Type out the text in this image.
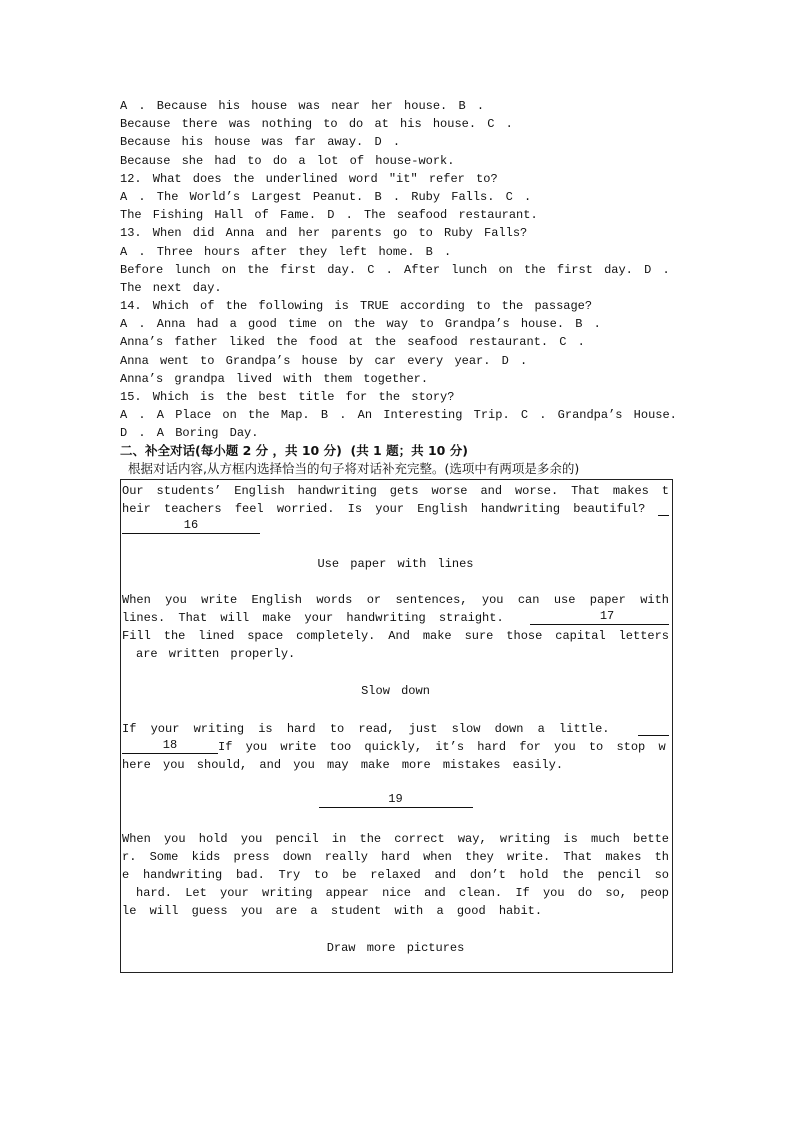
A . Because his house was near her house. B .
Because there was nothing to do at his house. C .
Because his house was far away. D .
Because she had to do a lot of house-work.
12. What does the underlined word ″it″ refer to?
A . The World’s Largest Peanut. B . Ruby Falls. C .
The Fishing Hall of Fame. D . The seafood restaurant.
13. When did Anna and her parents go to Ruby Falls?
A . Three hours after they left home. B .
Before lunch on the first day. C . After lunch on the first day. D .
The next day.
14. Which of the following is TRUE according to the passage?
A . Anna had a good time on the way to Grandpa’s house. B .
Anna’s father liked the food at the seafood restaurant. C .
Anna went to Grandpa’s house by car every year. D .
Anna’s grandpa lived with them together.
15. Which is the best title for the story?
A . A Place on the Map. B . An Interesting Trip. C . Grandpa’s House.
D . A Boring Day.
二、补全对话(每小题 2 分 ，共 10 分)  (共 1 题；共 10 分)
根据对话内容,从方框内选择恰当的句子将对话补充完整。(选项中有两项是多余的)
Our students’ English handwriting gets worse and worse. That makes t
heir teachers feel worried. Is your English handwriting beautiful?
16
Use paper with lines
When you write English words or sentences, you can use paper with
lines. That will make your handwriting straight.	17
Fill the lined space completely. And make sure those capital letters
are written properly.
Slow down
If your writing is hard to read, just slow down a little.
18	If you write too quickly, it’s hard for you to stop w
here you should, and you may make more mistakes easily.
19
When you hold you pencil in the correct way, writing is much bette
r. Some kids press down really hard when they write. That makes th
e handwriting bad. Try to be relaxed and don’t hold the pencil so
hard. Let your writing appear nice and clean. If you do so, peop
le will guess you are a student with a good habit.
Draw more pictures
